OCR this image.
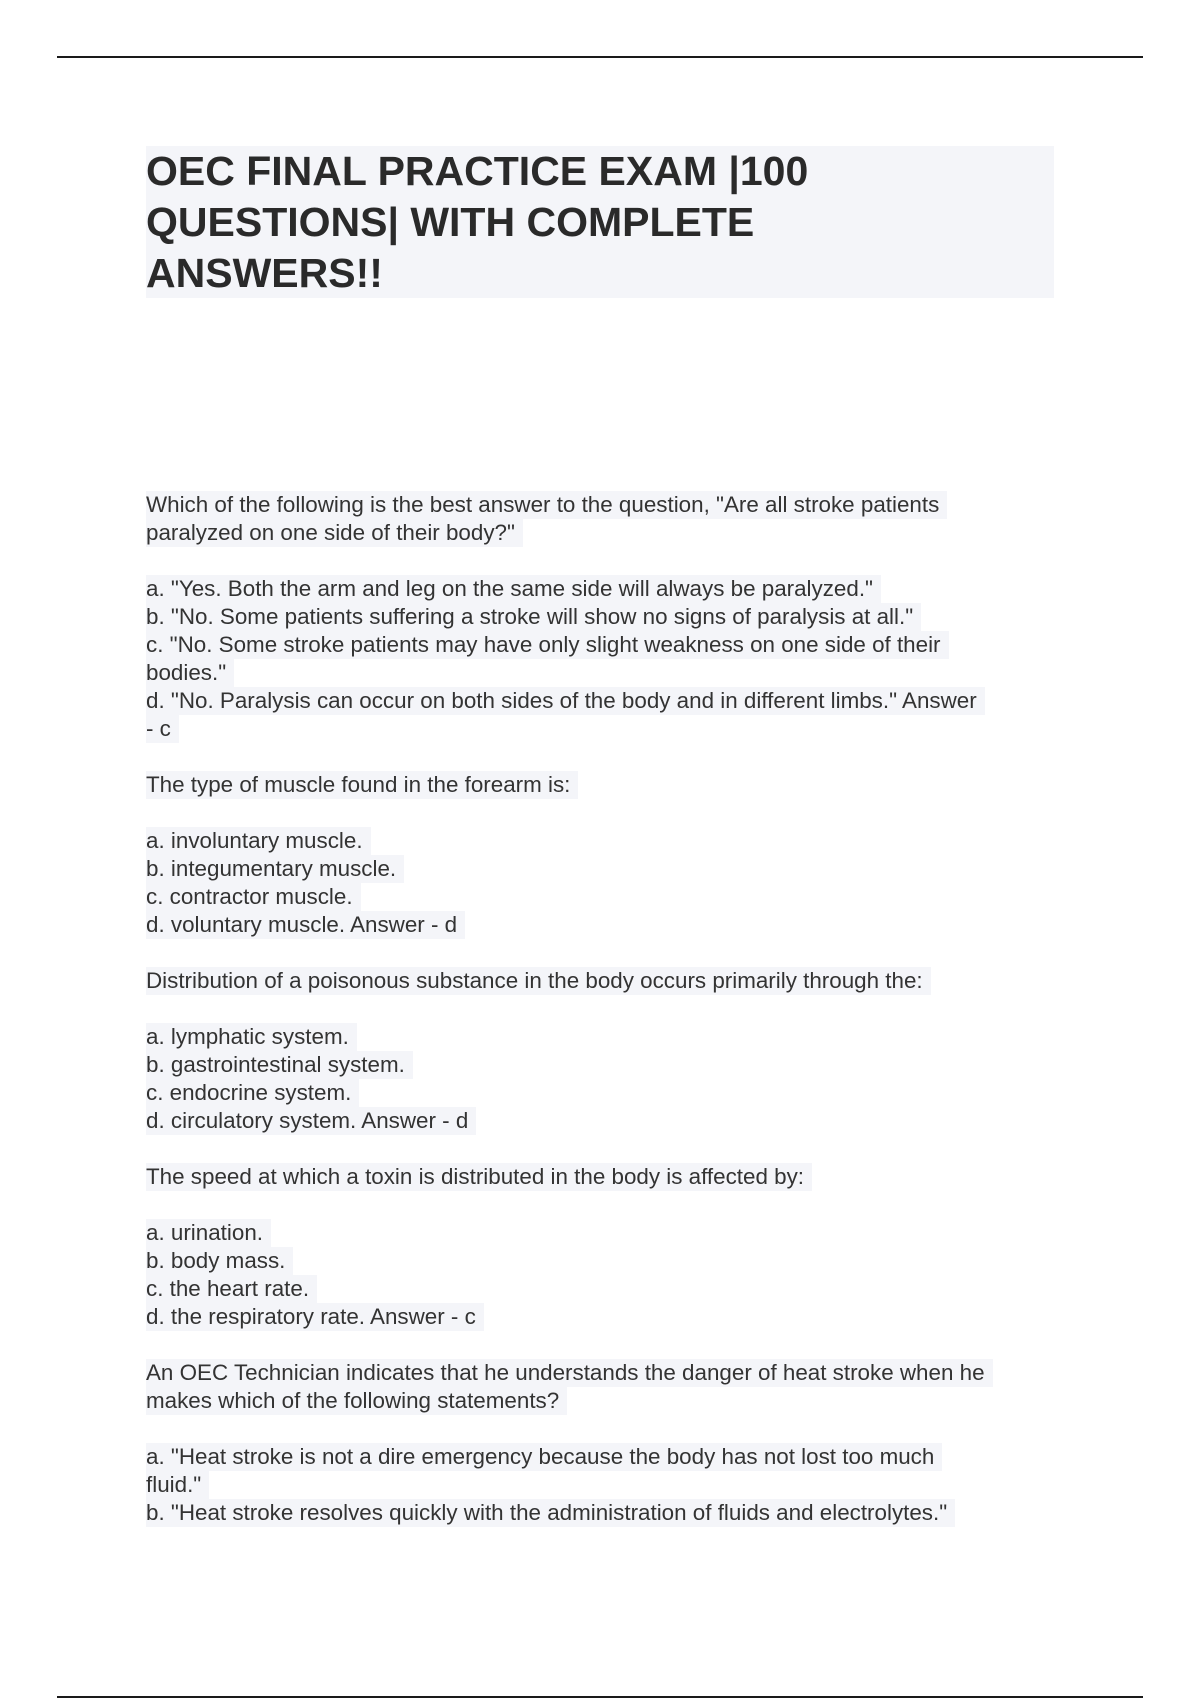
OEC FINAL PRACTICE EXAM |100
QUESTIONS| WITH COMPLETE
ANSWERS!!
Which of the following is the best answer to the question, "Are all stroke patients
paralyzed on one side of their body?"
a. "Yes. Both the arm and leg on the same side will always be paralyzed."
b. "No. Some patients suffering a stroke will show no signs of paralysis at all."
c. "No. Some stroke patients may have only slight weakness on one side of their
bodies."
d. "No. Paralysis can occur on both sides of the body and in different limbs." Answer
- c
The type of muscle found in the forearm is:
a. involuntary muscle.
b. integumentary muscle.
c. contractor muscle.
d. voluntary muscle. Answer - d
Distribution of a poisonous substance in the body occurs primarily through the:
a. lymphatic system.
b. gastrointestinal system.
c. endocrine system.
d. circulatory system. Answer - d
The speed at which a toxin is distributed in the body is affected by:
a. urination.
b. body mass.
c. the heart rate.
d. the respiratory rate. Answer - c
An OEC Technician indicates that he understands the danger of heat stroke when he
makes which of the following statements?
a. "Heat stroke is not a dire emergency because the body has not lost too much
fluid."
b. "Heat stroke resolves quickly with the administration of fluids and electrolytes."
